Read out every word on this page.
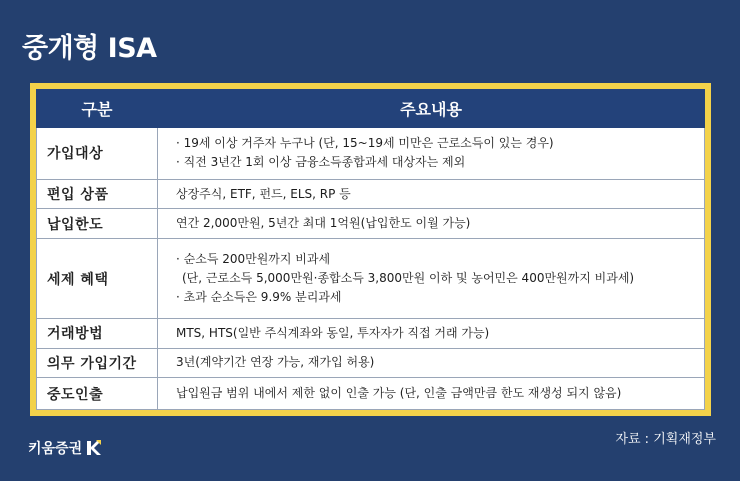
중개형 ISA
구분	주요내용
가입대상	· 19세 이상 거주자 누구나 (단, 15~19세 미만은 근로소득이 있는 경우)
· 직전 3년간 1회 이상 금융소득종합과세 대상자는 제외

편입 상품	상장주식, ETF, 펀드, ELS, RP 등

납입한도	연간 2,000만원, 5년간 최대 1억원(납입한도 이월 가능)

세제 혜택	· 순소득 200만원까지 비과세
(단, 근로소득 5,000만원·종합소득 3,800만원 이하 및 농어민은 400만원까지 비과세)
· 초과 순소득은 9.9% 분리과세

거래방법	MTS, HTS(일반 주식계좌와 동일, 투자자가 직접 거래 가능)

의무 가입기간	3년(계약기간 연장 가능, 재가입 허용)

중도인출	납입원금 범위 내에서 제한 없이 인출 가능 (단, 인출 금액만큼 한도 재생성 되지 않음)
자료 : 기획재정부
키움증권
